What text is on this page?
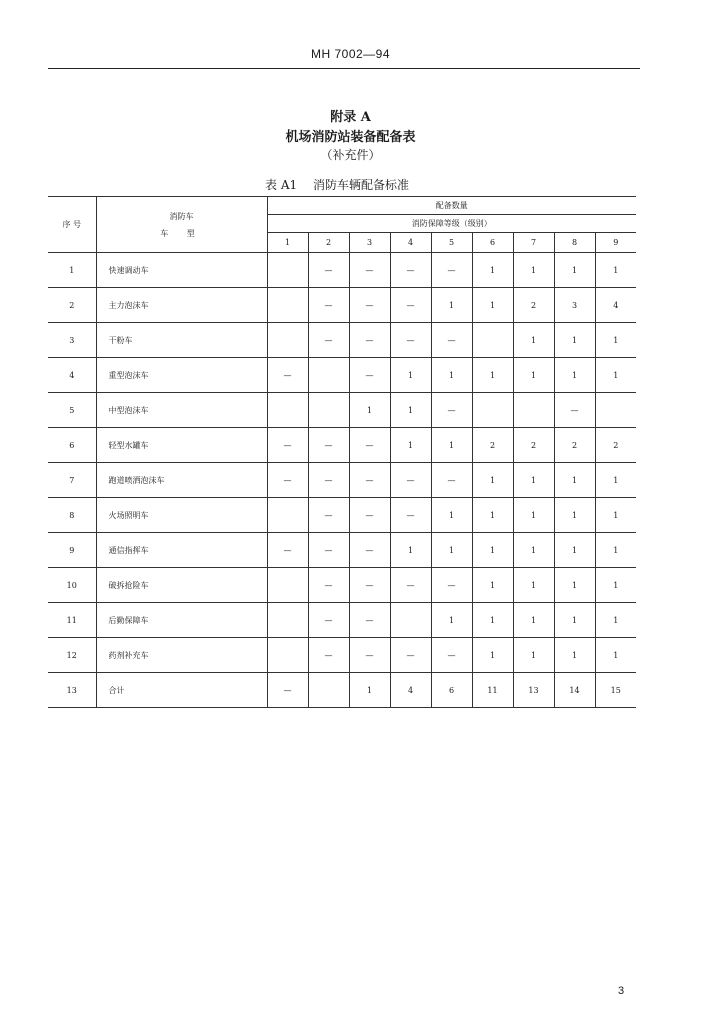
MH 7002—94
附录 A
机场消防站装备配备表
（补充件）
表 A1 消防车辆配备标准
序 号	消防车
车 型	配备数量								
		消防保障等级（级别）								
		1	2	3	4	5	6	7	8	9
1	快速调动车		—	—	—	—	1	1	1	1
2	主力泡沫车		—	—	—	1	1	2	3	4
3	干粉车		—	—	—	—		1	1	1
4	重型泡沫车	—		—	1	1	1	1	1	1
5	中型泡沫车			1	1	—			—	
6	轻型水罐车	—	—	—	1	1	2	2	2	2
7	跑道喷洒泡沫车	—	—	—	—	—	1	1	1	1
8	火场照明车		—	—	—	1	1	1	1	1
9	通信指挥车	—	—	—	1	1	1	1	1	1
10	破拆抢险车		—	—	—	—	1	1	1	1
11	后勤保障车		—	—		1	1	1	1	1
12	药剂补充车		—	—	—	—	1	1	1	1
13	合计	—		1	4	6	11	13	14	15
3
